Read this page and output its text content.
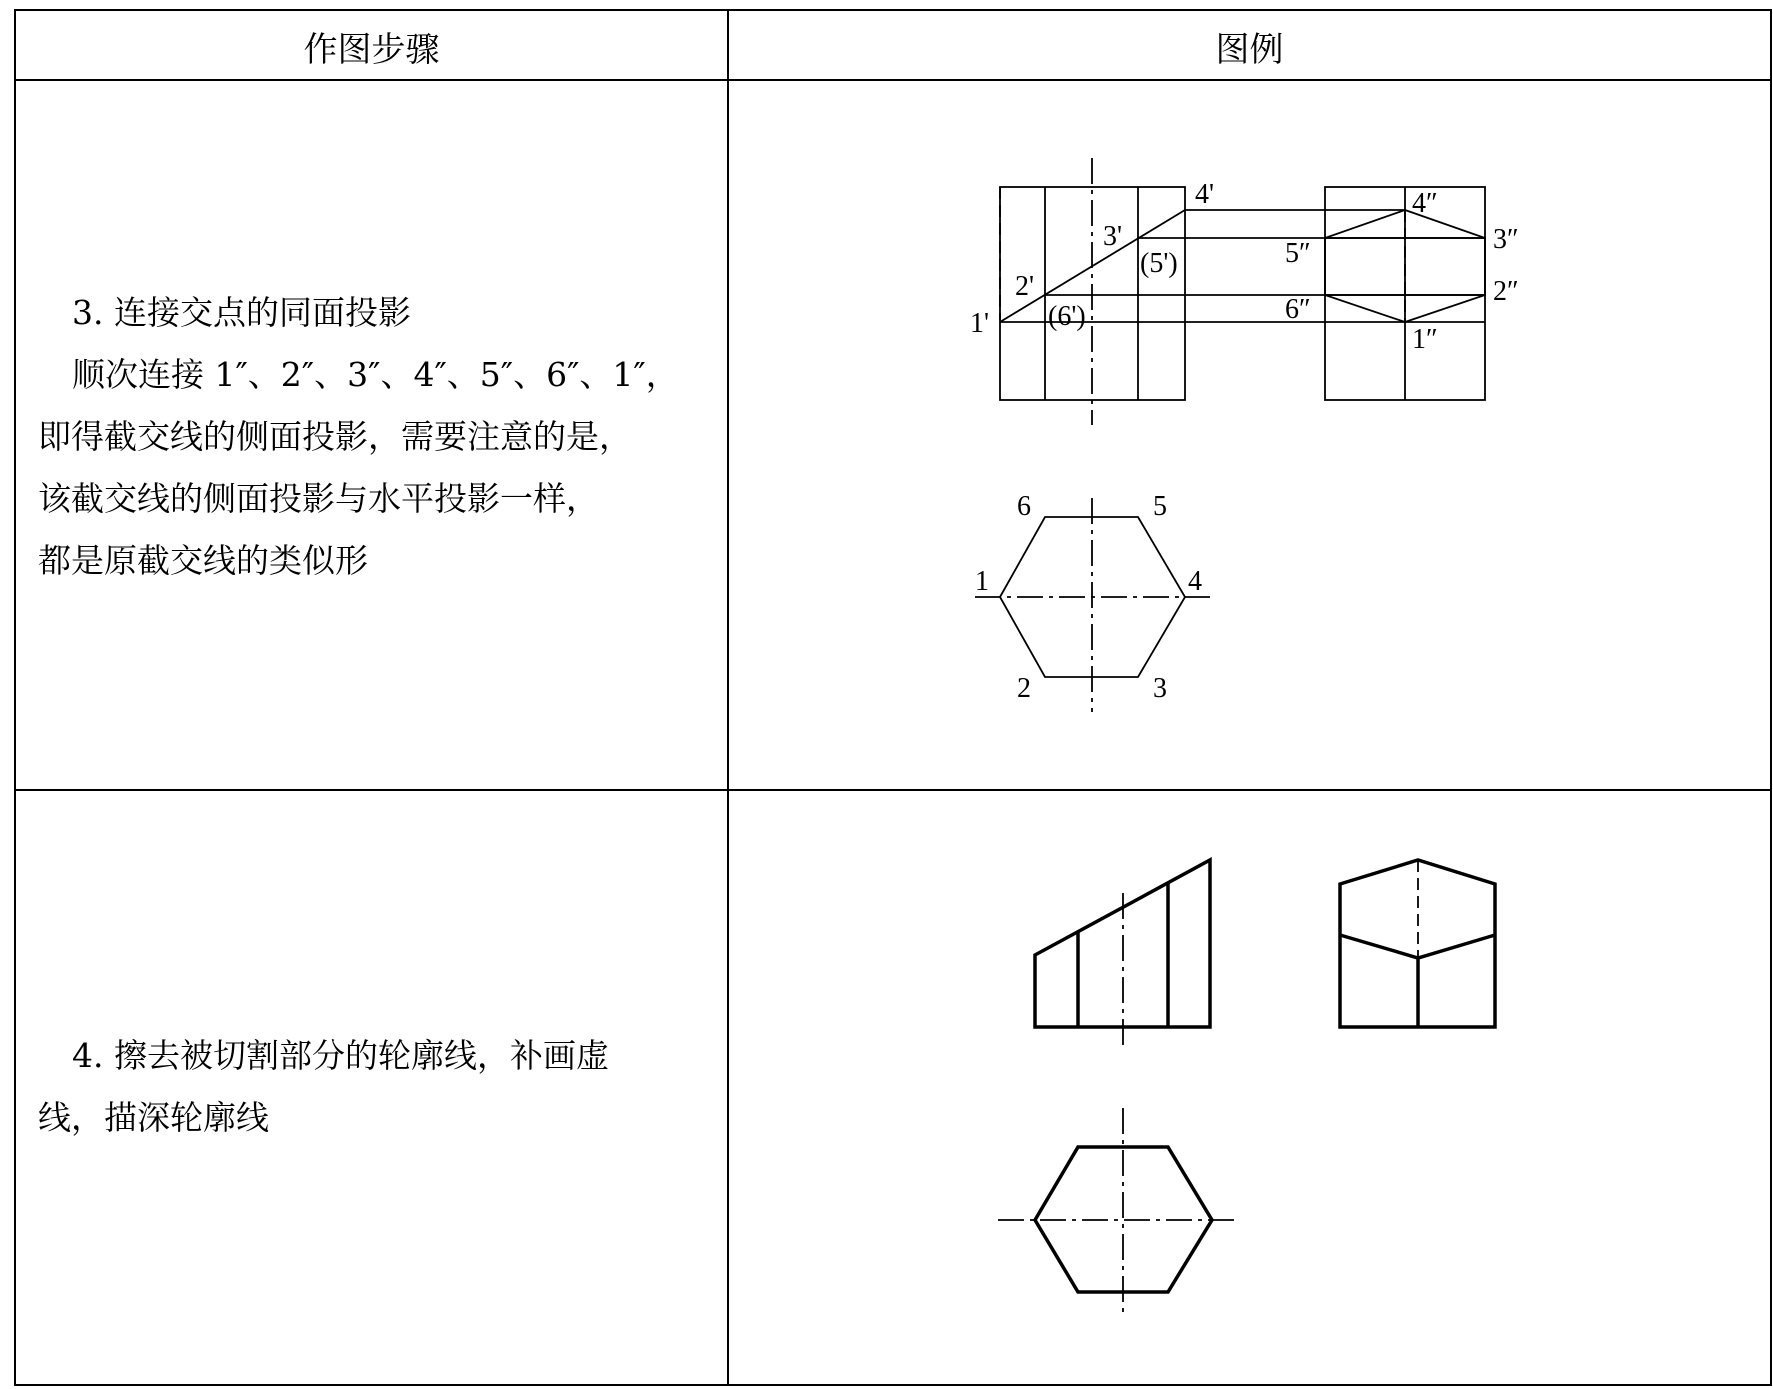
1'
2'
3'
4'
(5')
(6')
1″
2″
3″
4″
5″
6″
1
2	3
4
5
6
作图步骤	图例

3. 连接交点的同面投影

顺次连接 1″、2″、3″、4″、5″、6″、1″，

即得截交线的侧面投影，需要注意的是，

该截交线的侧面投影与水平投影一样，

都是原截交线的类似形

4. 擦去被切割部分的轮廓线，补画虚

线，描深轮廓线
